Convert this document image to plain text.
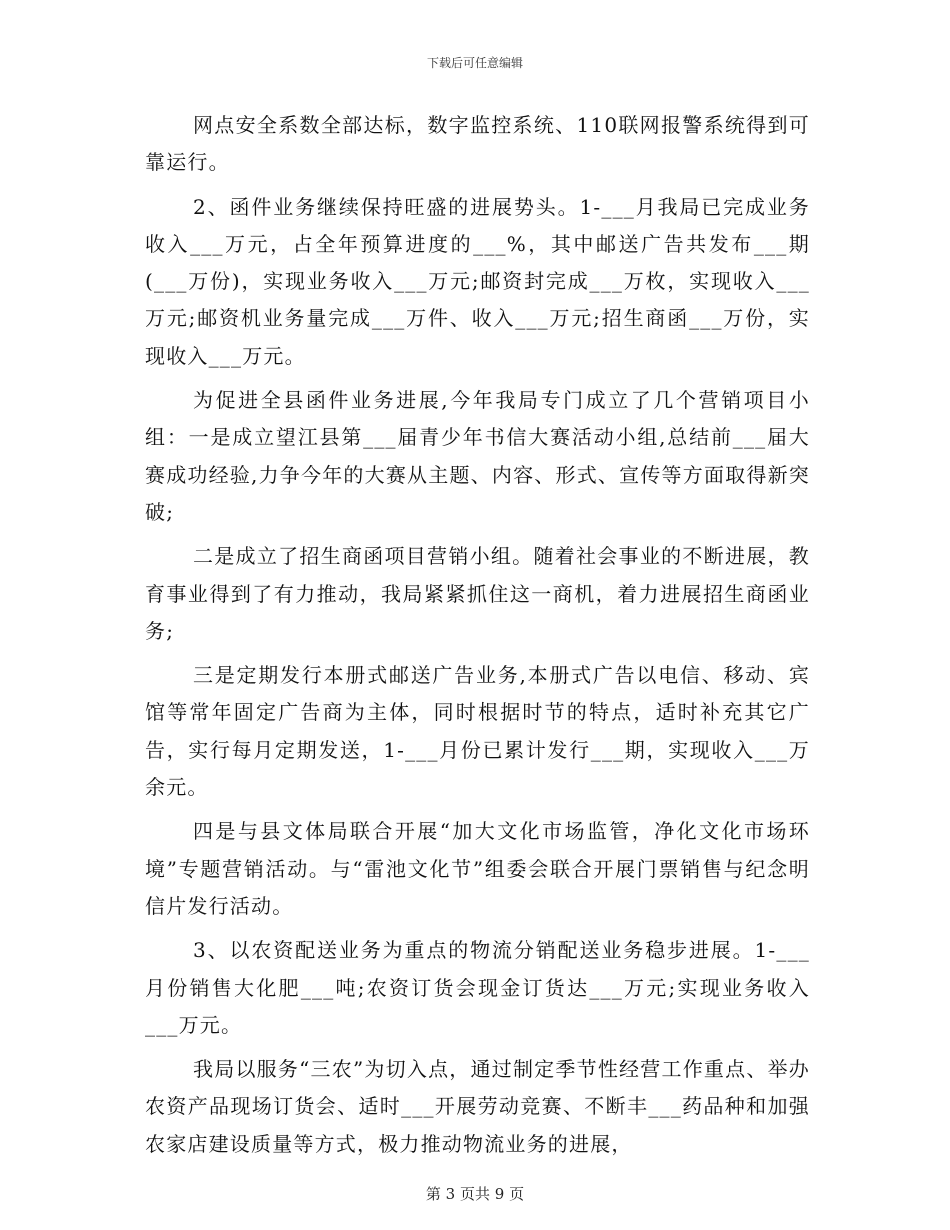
下载后可任意编辑

网点安全系数全部达标，数字监控系统、110联网报警系统得到可靠运行。

2、函件业务继续保持旺盛的进展势头。1-___月我局已完成业务收入___万元，占全年预算进度的___%，其中邮送广告共发布___期(___万份)，实现业务收入___万元;邮资封完成___万枚，实现收入___万元;邮资机业务量完成___万件、收入___万元;招生商函___万份，实现收入___万元。

为促进全县函件业务进展,今年我局专门成立了几个营销项目小组：一是成立望江县第___届青少年书信大赛活动小组,总结前___届大赛成功经验,力争今年的大赛从主题、内容、形式、宣传等方面取得新突破;

二是成立了招生商函项目营销小组。随着社会事业的不断进展，教育事业得到了有力推动，我局紧紧抓住这一商机，着力进展招生商函业务;

三是定期发行本册式邮送广告业务,本册式广告以电信、移动、宾馆等常年固定广告商为主体，同时根据时节的特点，适时补充其它广告，实行每月定期发送，1-___月份已累计发行___期，实现收入___万余元。

四是与县文体局联合开展“加大文化市场监管，净化文化市场环境”专题营销活动。与“雷池文化节”组委会联合开展门票销售与纪念明信片发行活动。

3、以农资配送业务为重点的物流分销配送业务稳步进展。1-___月份销售大化肥___吨;农资订货会现金订货达___万元;实现业务收入___万元。

我局以服务“三农”为切入点，通过制定季节性经营工作重点、举办农资产品现场订货会、适时___开展劳动竞赛、不断丰___药品种和加强农家店建设质量等方式，极力推动物流业务的进展，

第 3 页共 9 页
